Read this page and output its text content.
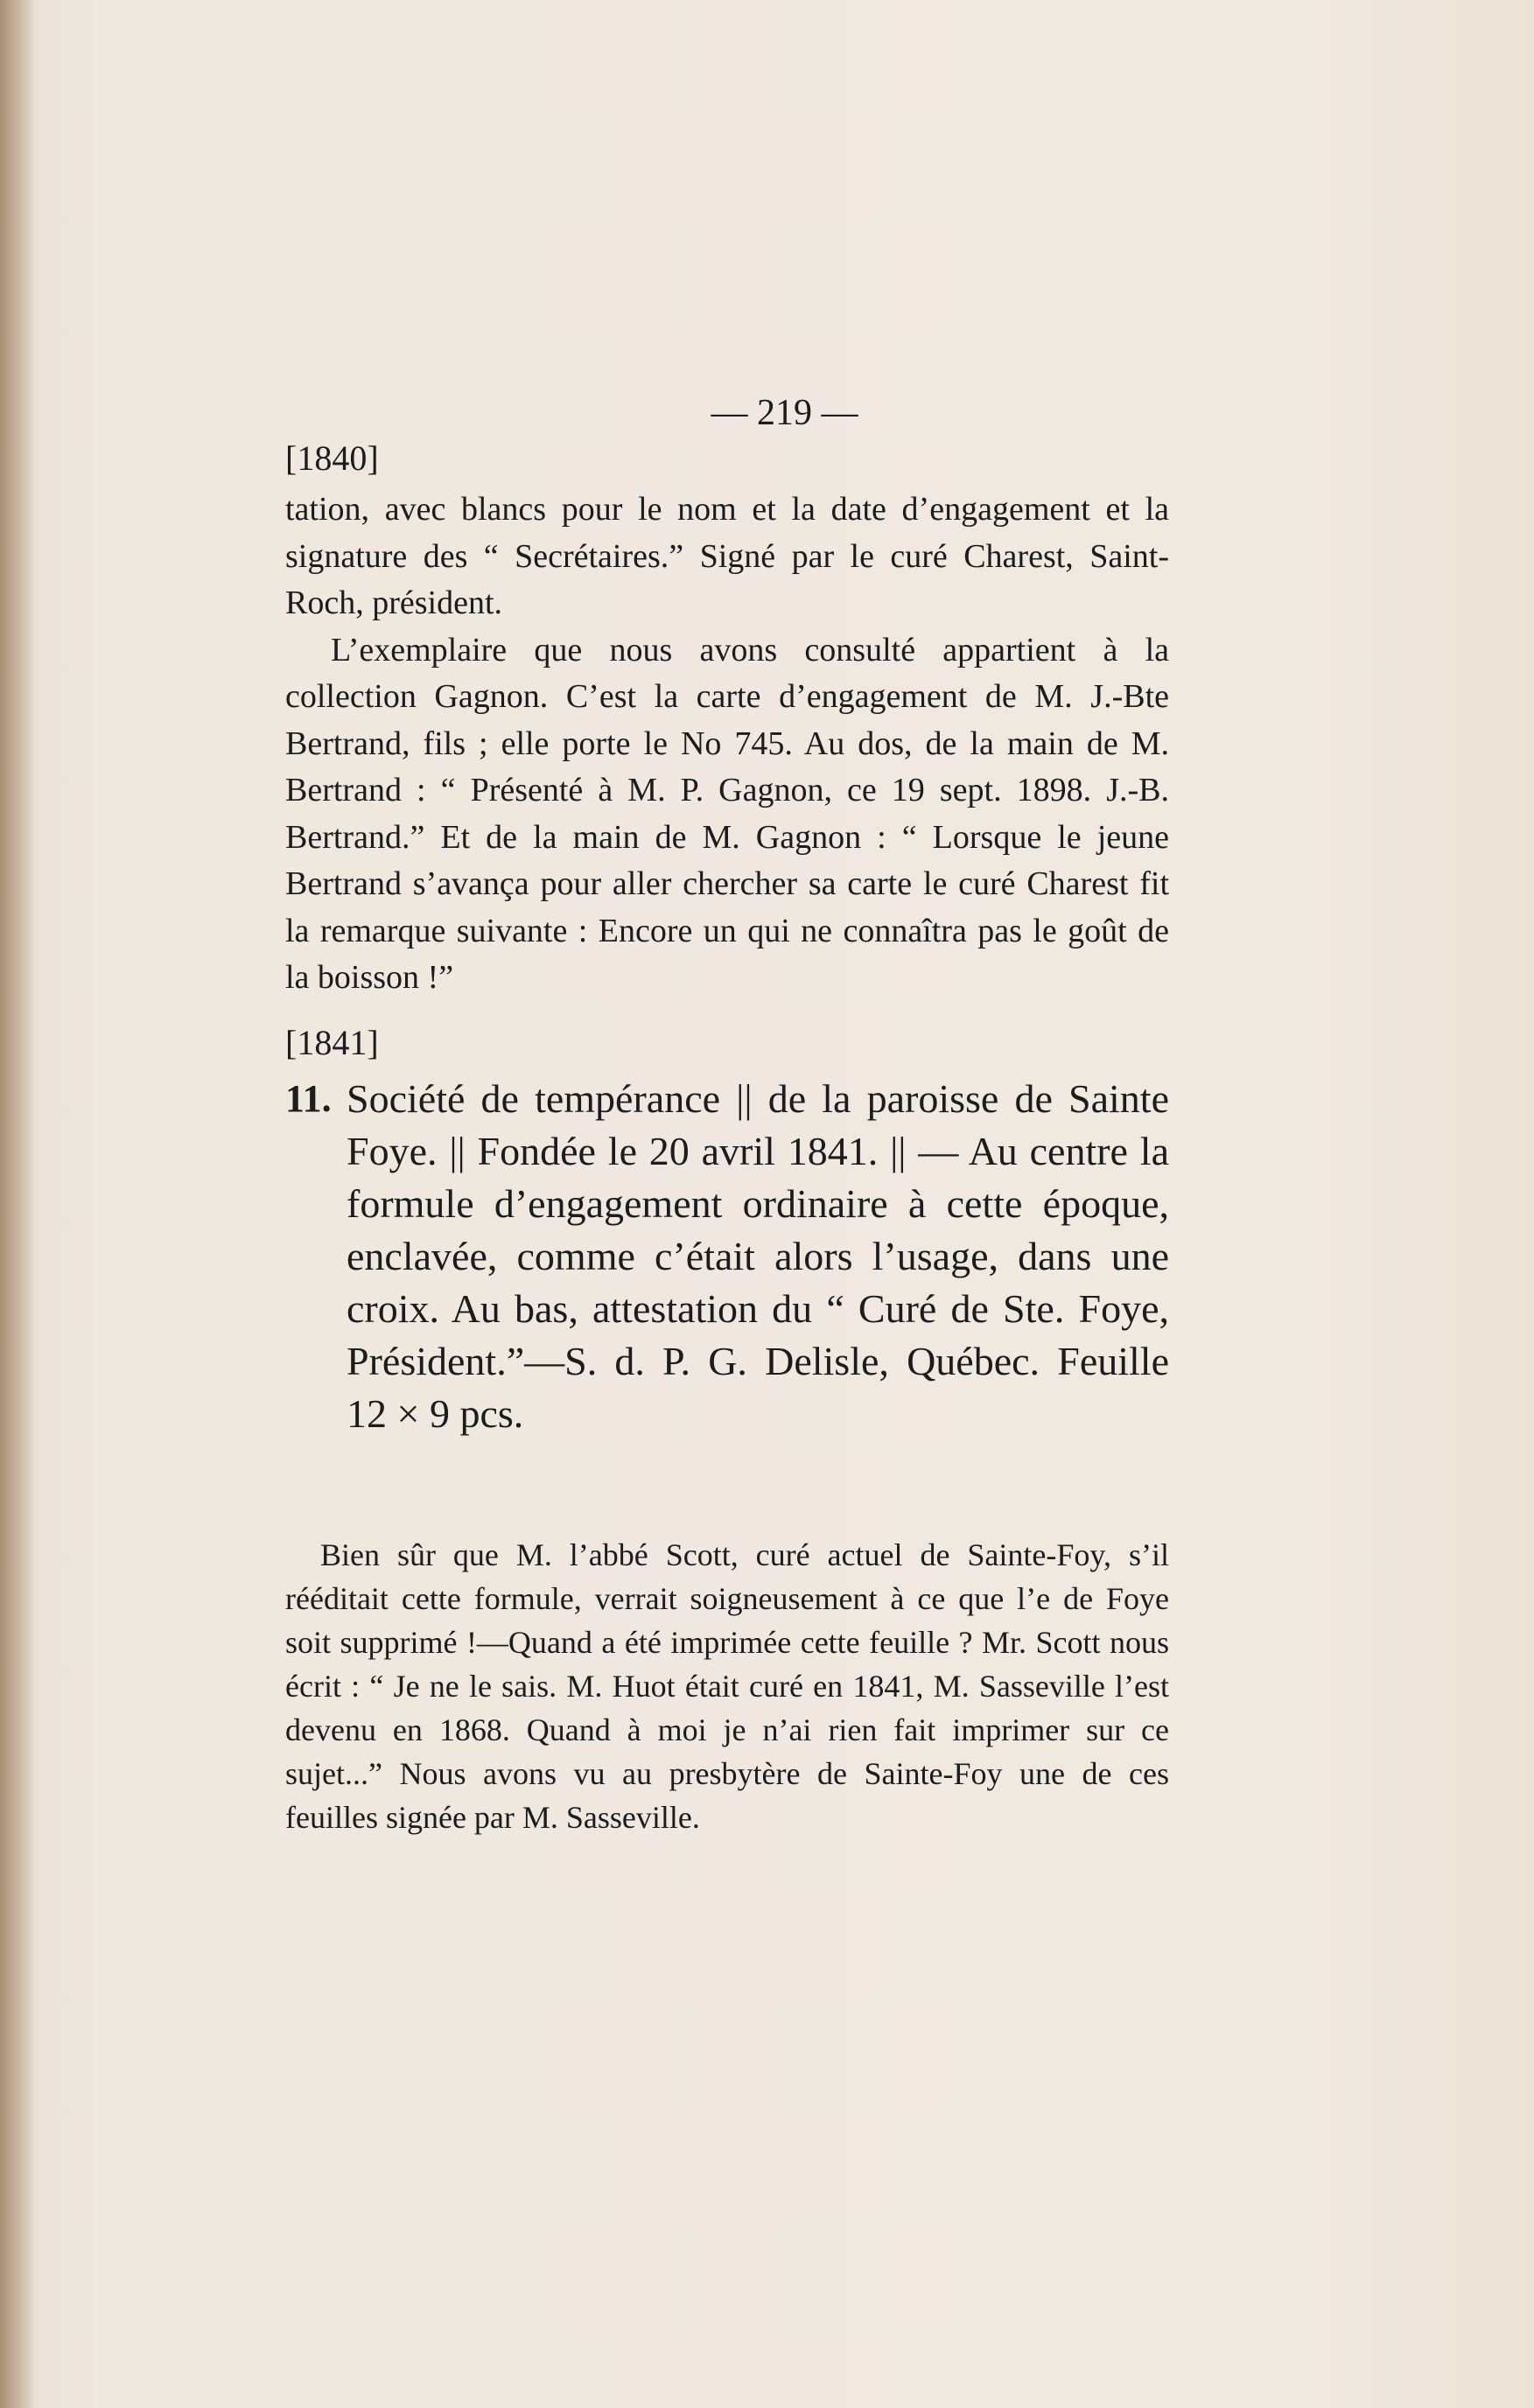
— 219 —
[1840]

tation, avec blancs pour le nom et la date d’engagement et la signature des “ Secrétaires.” Signé par le curé Charest, Saint-Roch, président.

L’exemplaire que nous avons consulté appartient à la collection Gagnon. C’est la carte d’engagement de M. J.-Bte Bertrand, fils ; elle porte le No 745. Au dos, de la main de M. Bertrand : “ Présenté à M. P. Gagnon, ce 19 sept. 1898. J.-B. Bertrand.” Et de la main de M. Gagnon : “ Lorsque le jeune Bertrand s’avança pour aller chercher sa carte le curé Charest fit la remarque suivante : Encore un qui ne connaîtra pas le goût de la boisson !”

[1841]
11. Société de tempérance || de la paroisse de Sainte Foye. || Fondée le 20 avril 1841. || — Au centre la formule d’engagement ordinaire à cette époque, enclavée, comme c’était alors l’usage, dans une croix. Au bas, attestation du “ Curé de Ste. Foye, Président.”—S. d. P. G. Delisle, Québec. Feuille 12 × 9 pcs.

Bien sûr que M. l’abbé Scott, curé actuel de Sainte-Foy, s’il rééditait cette formule, verrait soigneusement à ce que l’e de Foye soit supprimé !—Quand a été imprimée cette feuille ? Mr. Scott nous écrit : “ Je ne le sais. M. Huot était curé en 1841, M. Sasseville l’est devenu en 1868. Quand à moi je n’ai rien fait imprimer sur ce sujet...” Nous avons vu au presbytère de Sainte-Foy une de ces feuilles signée par M. Sasseville.
